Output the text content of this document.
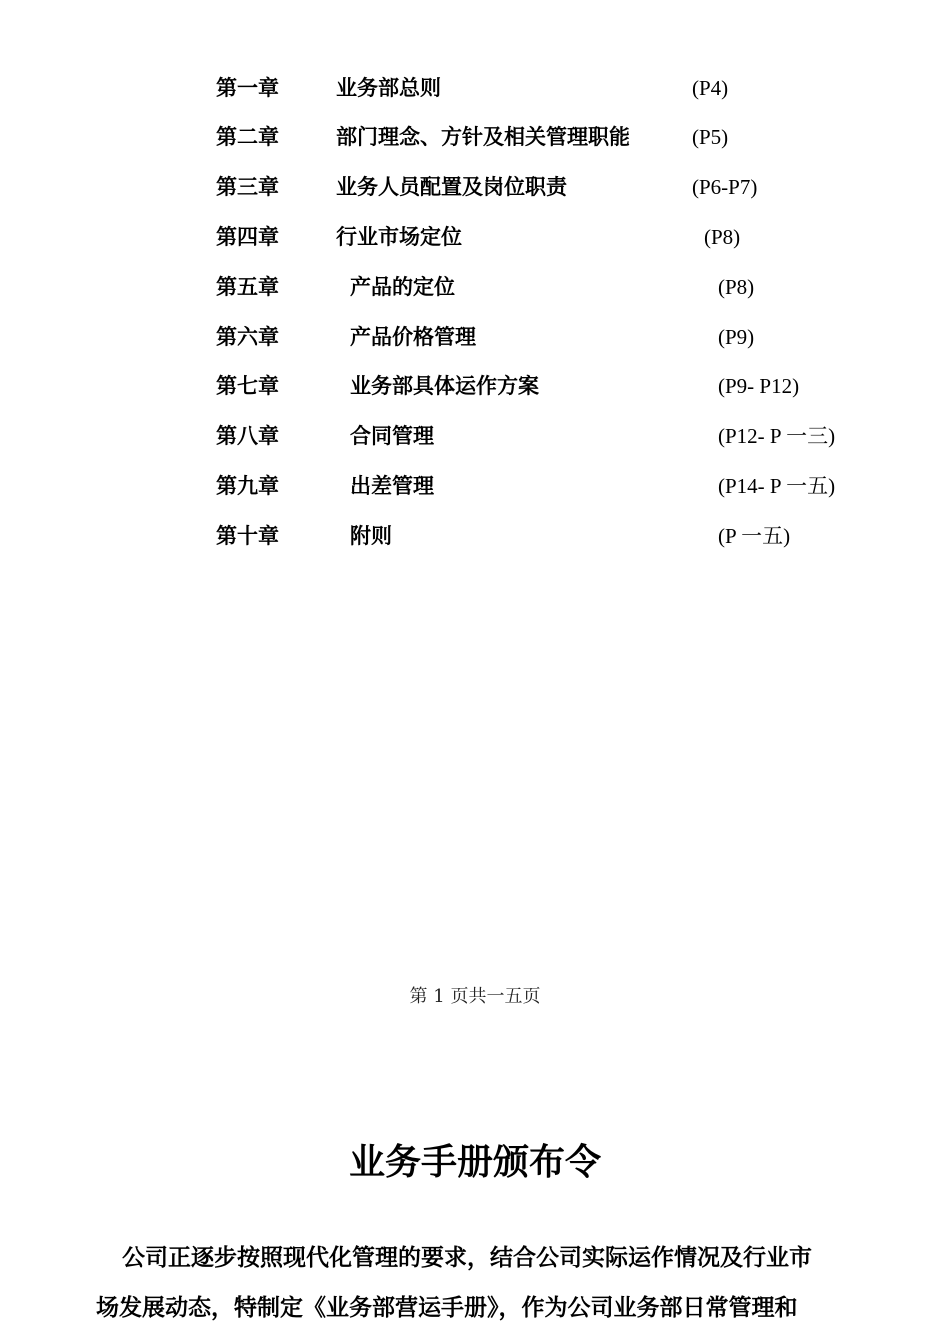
第一章	业务部总则	(P4)
第二章	部门理念、方针及相关管理职能	(P5)
第三章	业务人员配置及岗位职责	(P6-P7)
第四章	行业市场定位	(P8)
第五章	产品的定位	(P8)
第六章	产品价格管理	(P9)
第七章	业务部具体运作方案	(P9- P12)
第八章	合同管理	(P12- P 一三)
第九章	出差管理	(P14- P 一五)
第十章	附则	(P 一五)
第 1 页共一五页
业务手册颁布令
公司正逐步按照现代化管理的要求，结合公司实际运作情况及行业市
场发展动态，特制定《业务部营运手册》，作为公司业务部日常管理和
